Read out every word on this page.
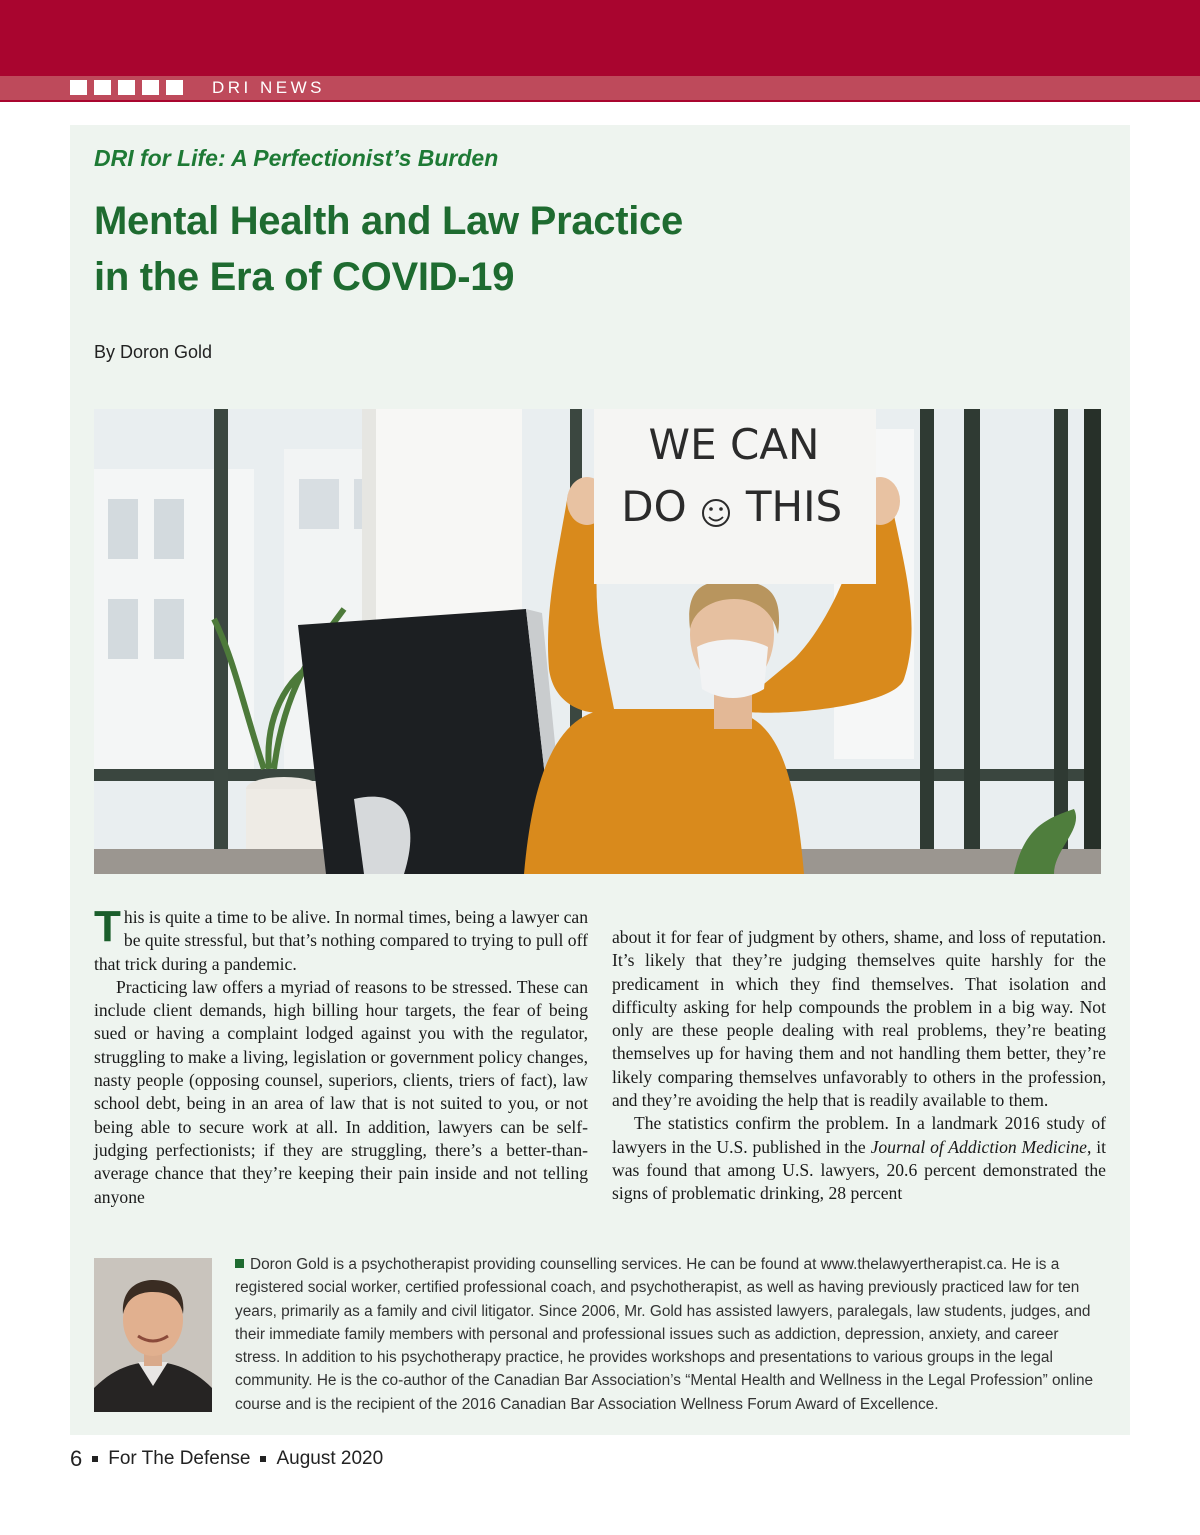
DRI NEWS
DRI for Life: A Perfectionist’s Burden
Mental Health and Law Practice
in the Era of COVID-19
By Doron Gold
WE CAN
DO THIS

This is quite a time to be alive. In normal times, being a lawyer can be quite stressful, but that’s nothing compared to trying to pull off that trick during a pandemic.

Practicing law offers a myriad of reasons to be stressed. These can include client demands, high billing hour targets, the fear of being sued or having a complaint lodged against you with the regulator, struggling to make a living, legislation or government policy changes, nasty people (opposing counsel, superiors, clients, triers of fact), law school debt, being in an area of law that is not suited to you, or not being able to secure work at all. In addition, lawyers can be self-judging perfectionists; if they are struggling, there’s a better-than-average chance that they’re keeping their pain inside and not telling anyone

about it for fear of judgment by others, shame, and loss of reputation. It’s likely that they’re judging themselves quite harshly for the predicament in which they find themselves. That isolation and difficulty asking for help compounds the problem in a big way. Not only are these people dealing with real problems, they’re beating themselves up for having them and not handling them better, they’re likely comparing themselves unfavorably to others in the profession, and they’re avoiding the help that is readily available to them.

The statistics confirm the problem. In a landmark 2016 study of lawyers in the U.S. published in the Journal of Addiction Medicine, it was found that among U.S. lawyers, 20.6 percent demonstrated the signs of problematic drinking, 28 percent

Doron Gold is a psychotherapist providing counselling services. He can be found at www.thelawyertherapist.ca. He is a registered social worker, certified professional coach, and psychotherapist, as well as having previously practiced law for ten years, primarily as a family and civil litigator. Since 2006, Mr. Gold has assisted lawyers, paralegals, law students, judges, and their immediate family members with personal and professional issues such as addiction, depression, anxiety, and career stress. In addition to his psychotherapy practice, he provides workshops and presentations to various groups in the legal community. He is the co-author of the Canadian Bar Association’s “Mental Health and Wellness in the Legal Profession” online course and is the recipient of the 2016 Canadian Bar Association Wellness Forum Award of Excellence.
6 For The Defense August 2020
